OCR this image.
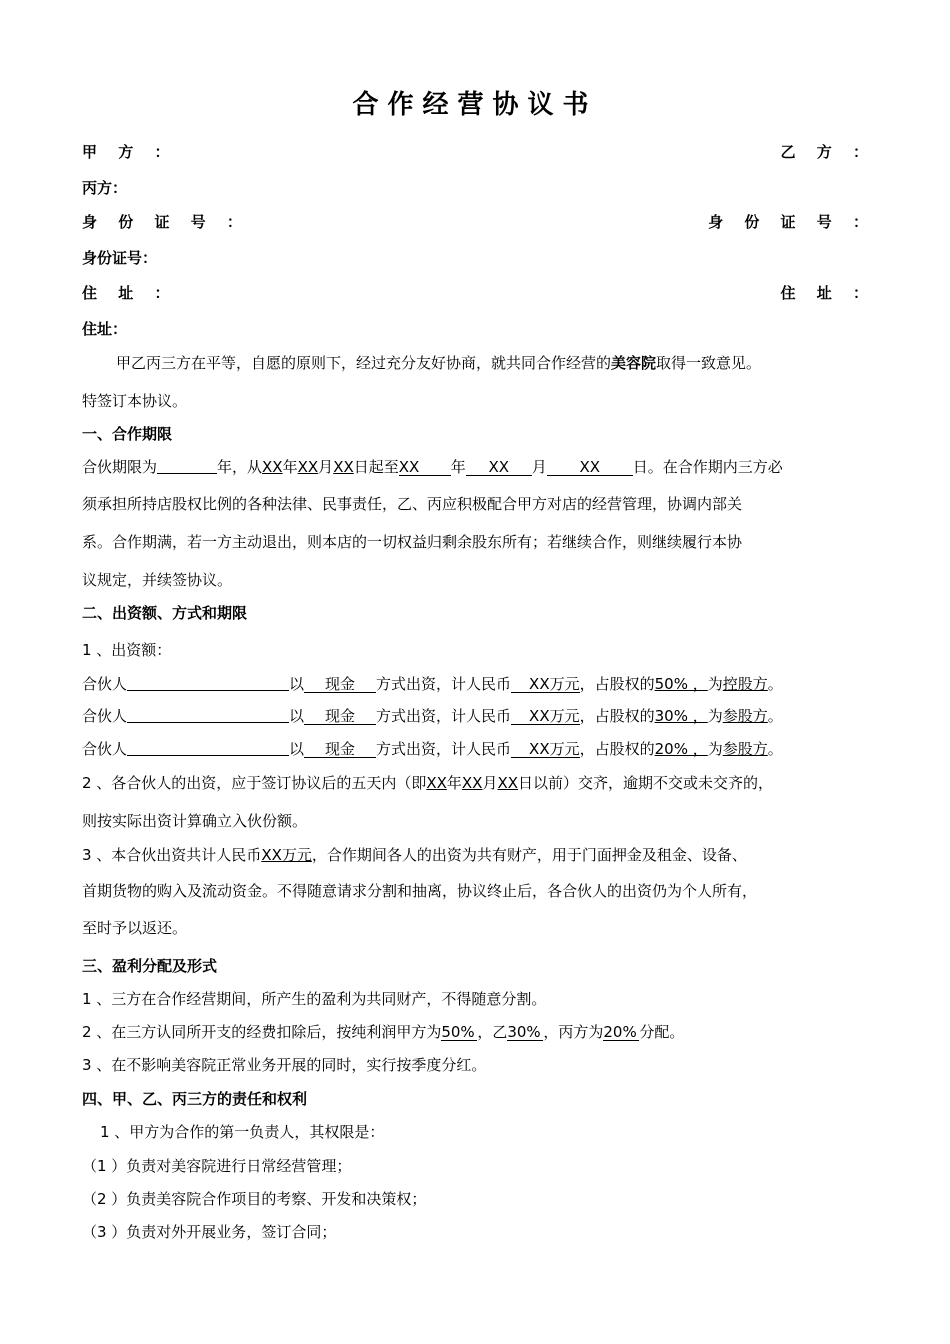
合作经营协议书
甲 方 ：	乙 方 ：
丙方：
身 份 证 号 ：	身 份 证 号 ：
身份证号：
住 址 ：	住 址 ：
住址：
甲乙丙三方在平等，自愿的原则下，经过充分友好协商，就共同合作经营的美容院取得一致意见。
特签订本协议。
一、合作期限
合伙期限为	年，从XX年XX月XX日起至XX 年 XX 月 XX 日。在合作期内三方必
须承担所持店股权比例的各种法律、民事责任，乙、丙应积极配合甲方对店的经营管理，协调内部关
系。合作期满，若一方主动退出，则本店的一切权益归剩余股东所有；若继续合作，则继续履行本协
议规定，并续签协议。
二、出资额、方式和期限
1 、出资额：
合伙人	以 现金 方式出资，计人民币 XX万元，占股权的50% ，为控股方。
合伙人	以 现金 方式出资，计人民币 XX万元，占股权的30% ，为参股方。
合伙人	以 现金 方式出资，计人民币 XX万元，占股权的20% ，为参股方。
2 、各合伙人的出资，应于签订协议后的五天内（即XX年XX月XX日以前）交齐，逾期不交或未交齐的，
则按实际出资计算确立入伙份额。
3 、本合伙出资共计人民币XX万元，合作期间各人的出资为共有财产，用于门面押金及租金、设备、
首期货物的购入及流动资金。不得随意请求分割和抽离，协议终止后，各合伙人的出资仍为个人所有，
至时予以返还。
三、盈利分配及形式
1 、三方在合作经营期间，所产生的盈利为共同财产，不得随意分割。
2 、在三方认同所开支的经费扣除后，按纯利润甲方为50%，乙30%，丙方为20%分配。
3 、在不影响美容院正常业务开展的同时，实行按季度分红。
四、甲、乙、丙三方的责任和权利
1 、甲方为合作的第一负责人，其权限是：
（1 ）负责对美容院进行日常经营管理；
（2 ）负责美容院合作项目的考察、开发和决策权；
（3 ）负责对外开展业务，签订合同；
